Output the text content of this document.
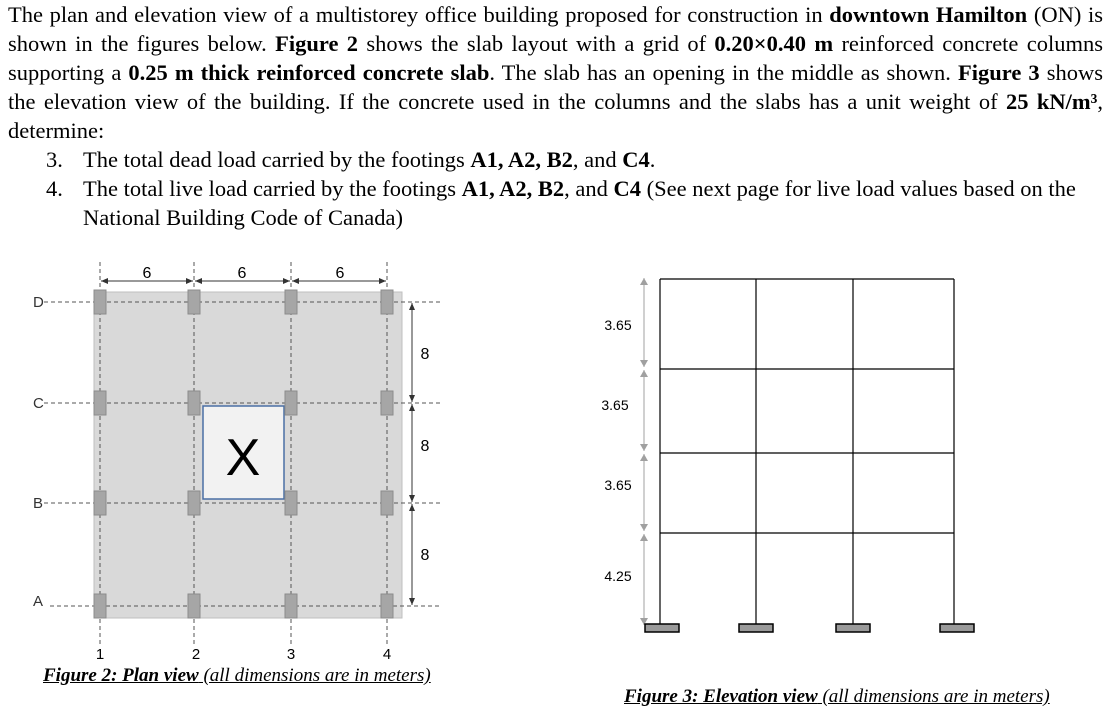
The plan and elevation view of a multistorey office building proposed for construction in downtown Hamilton (ON) is shown in the figures below. Figure 2 shows the slab layout with a grid of 0.20×0.40 m reinforced concrete columns supporting a 0.25 m thick reinforced concrete slab. The slab has an opening in the middle as shown. Figure 3 shows the elevation view of the building. If the concrete used in the columns and the slabs has a unit weight of 25 kN/m³, determine:

3. The total dead load carried by the footings A1, A2, B2, and C4.
4. The total live load carried by the footings A1, A2, B2, and C4 (See next page for live load values based on the National Building Code of Canada)
X
6	6	6
8
8
8
D
C
B
A
1	2	3	4
Figure 2: Plan view (all dimensions are in meters)
3.65
3.65
3.65
4.25
Figure 3: Elevation view (all dimensions are in meters)
